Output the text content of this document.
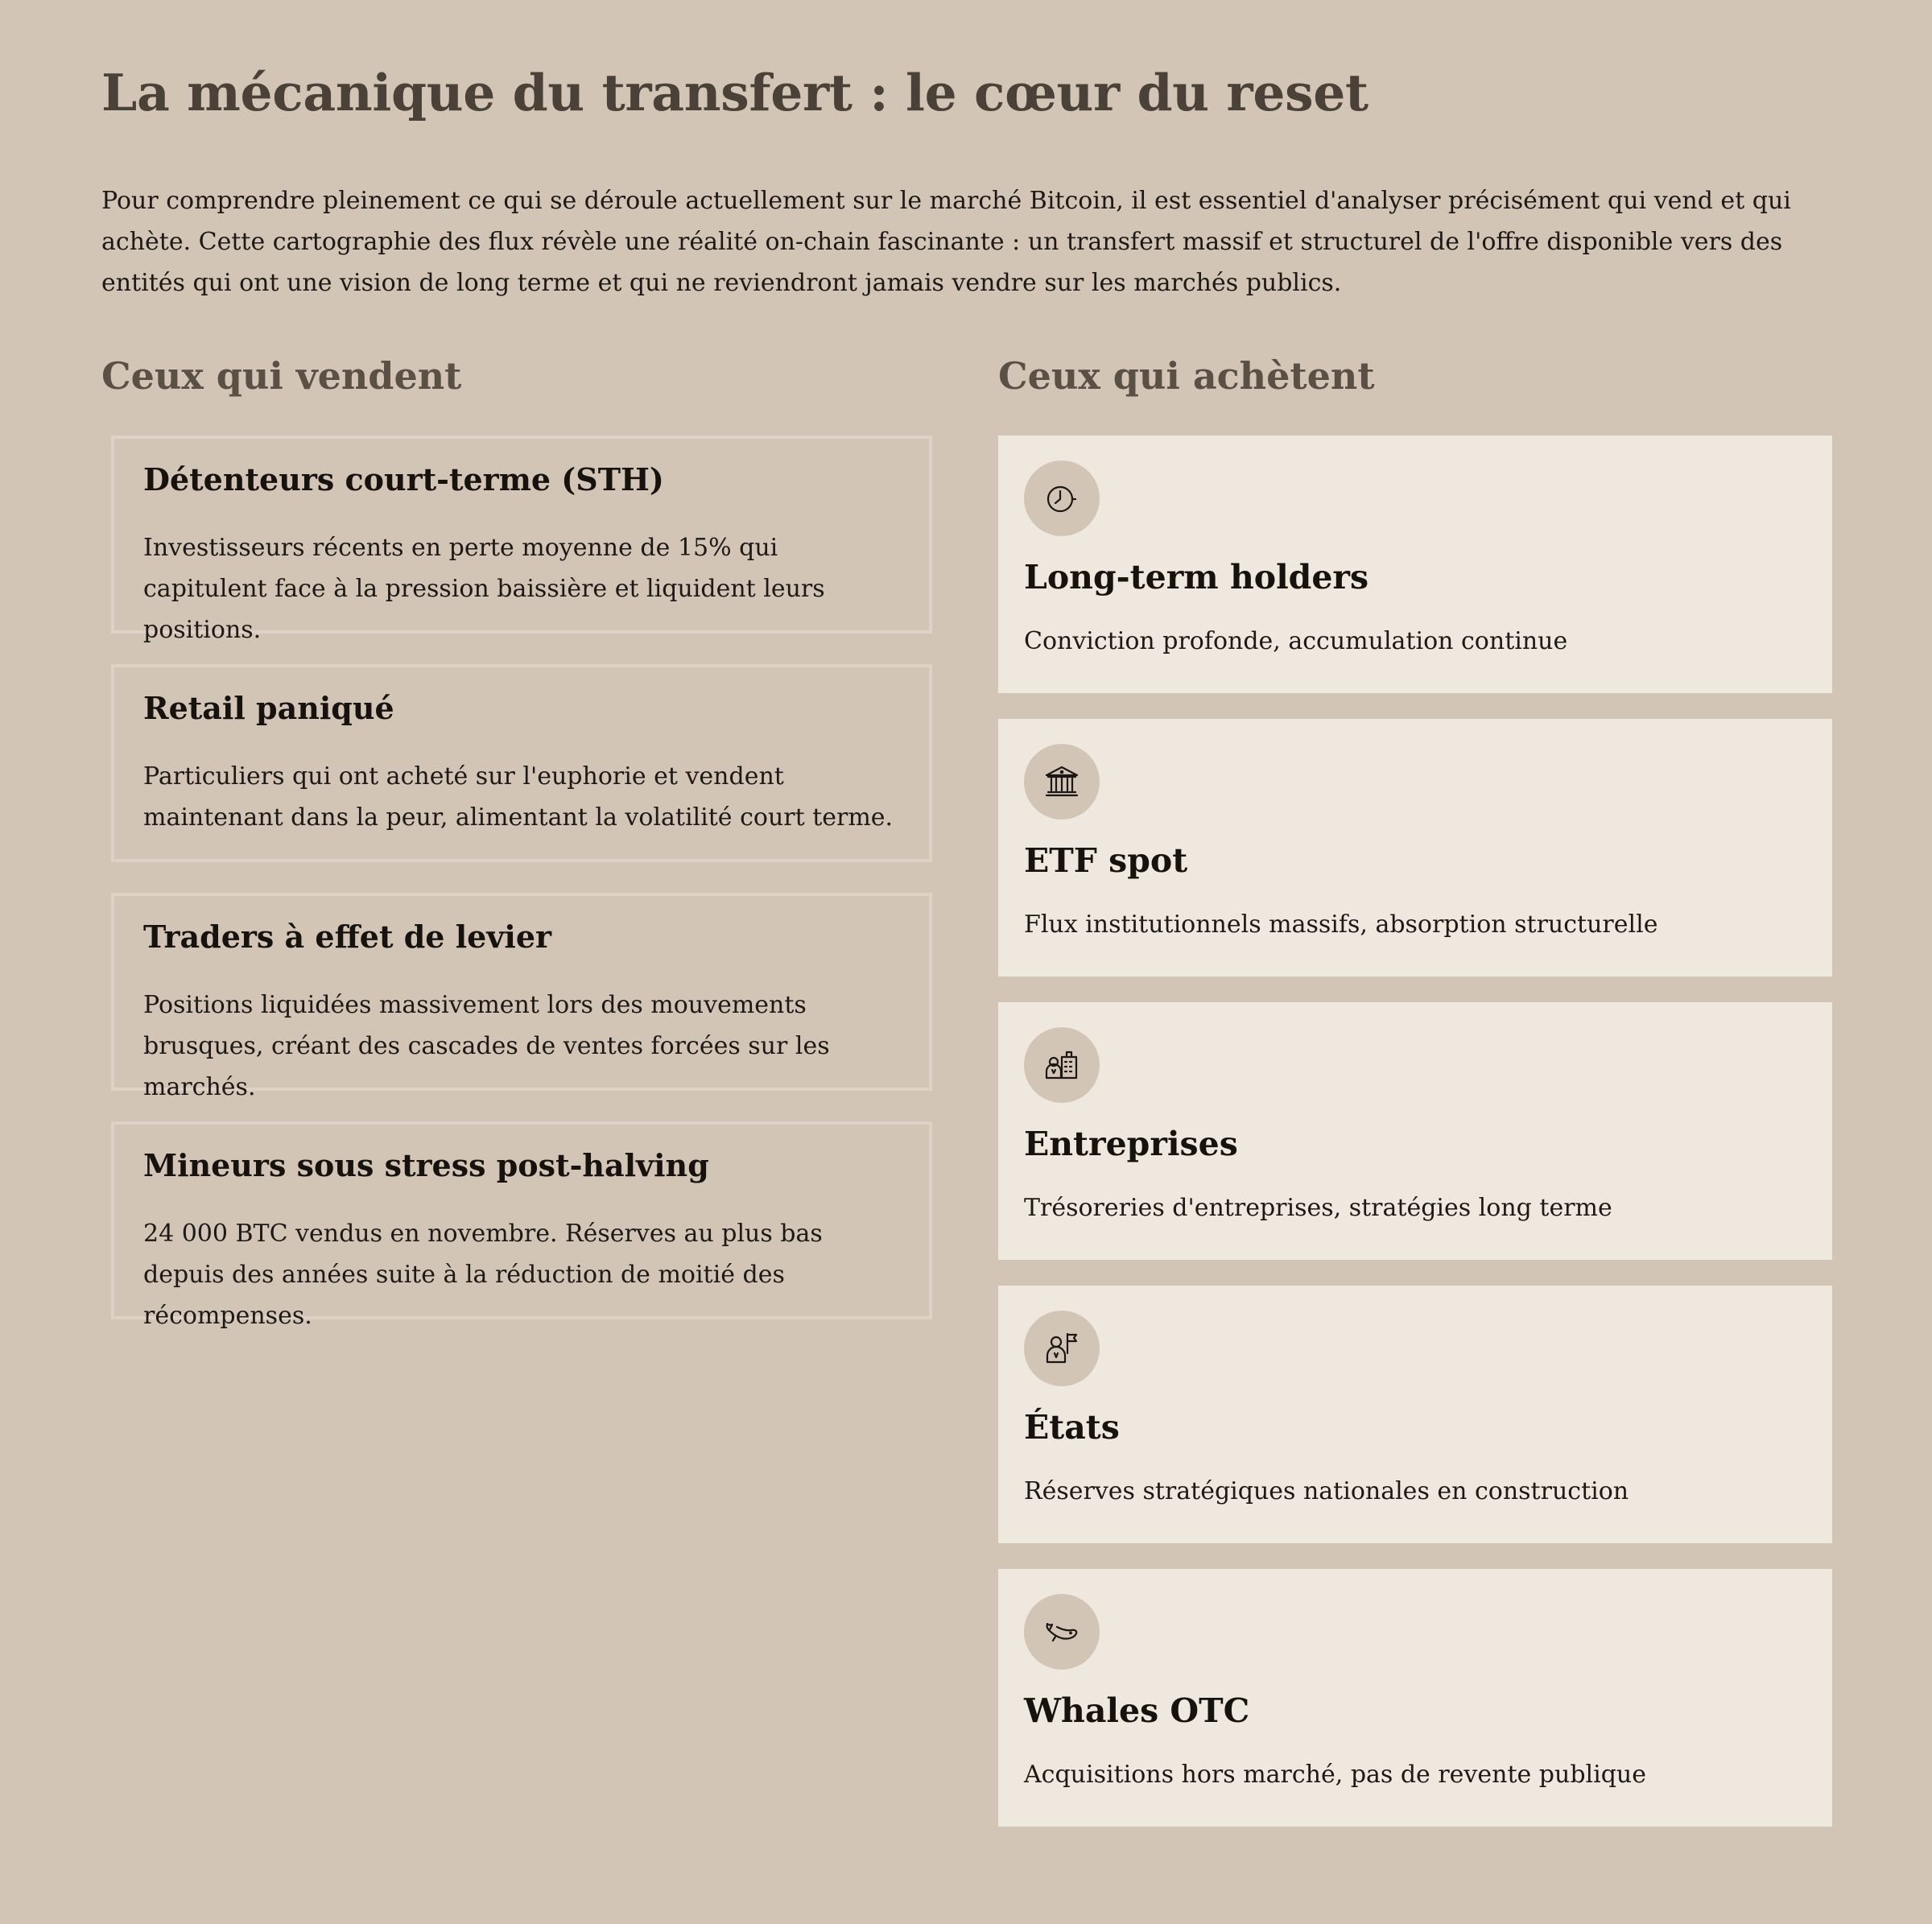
La mécanique du transfert : le cœur du reset

Pour comprendre pleinement ce qui se déroule actuellement sur le marché Bitcoin, il est essentiel d'analyser précisément qui vend et qui achète. Cette cartographie des flux révèle une réalité on-chain fascinante : un transfert massif et structurel de l'offre disponible vers des entités qui ont une vision de long terme et qui ne reviendront jamais vendre sur les marchés publics.

Ceux qui vendent
Détenteurs court-terme (STH)

Investisseurs récents en perte moyenne de 15% qui capitulent face à la pression baissière et liquident leurs positions.

Retail paniqué

Particuliers qui ont acheté sur l'euphorie et vendent maintenant dans la peur, alimentant la volatilité court terme.

Traders à effet de levier

Positions liquidées massivement lors des mouvements brusques, créant des cascades de ventes forcées sur les marchés.

Mineurs sous stress post-halving

24 000 BTC vendus en novembre. Réserves au plus bas depuis des années suite à la réduction de moitié des récompenses.

Ceux qui achètent
Long-term holders

Conviction profonde, accumulation continue

ETF spot

Flux institutionnels massifs, absorption structurelle

Entreprises

Trésoreries d'entreprises, stratégies long terme

États

Réserves stratégiques nationales en construction

Whales OTC

Acquisitions hors marché, pas de revente publique
